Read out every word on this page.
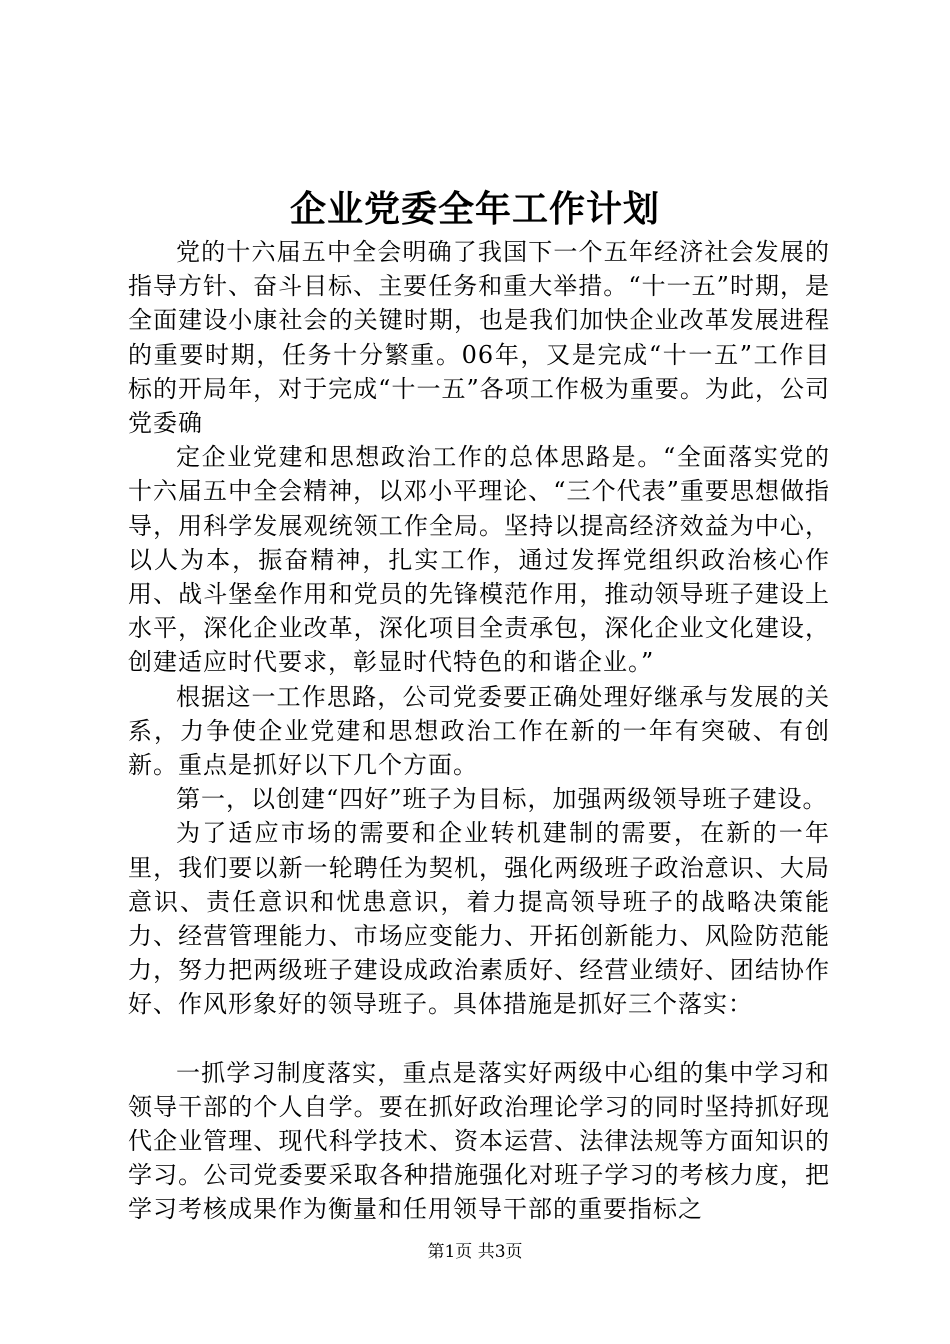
企业党委全年工作计划

党的十六届五中全会明确了我国下一个五年经济社会发展的指导方针、奋斗目标、主要任务和重大举措。“十一五”时期，是全面建设小康社会的关键时期，也是我们加快企业改革发展进程的重要时期，任务十分繁重。06年，又是完成“十一五”工作目标的开局年，对于完成“十一五”各项工作极为重要。为此，公司党委确

定企业党建和思想政治工作的总体思路是。“全面落实党的十六届五中全会精神，以邓小平理论、“三个代表”重要思想做指导，用科学发展观统领工作全局。坚持以提高经济效益为中心，以人为本，振奋精神，扎实工作，通过发挥党组织政治核心作用、战斗堡垒作用和党员的先锋模范作用，推动领导班子建设上水平，深化企业改革，深化项目全责承包，深化企业文化建设，创建适应时代要求，彰显时代特色的和谐企业。”

根据这一工作思路，公司党委要正确处理好继承与发展的关系，力争使企业党建和思想政治工作在新的一年有突破、有创新。重点是抓好以下几个方面。

第一，以创建“四好”班子为目标，加强两级领导班子建设。

为了适应市场的需要和企业转机建制的需要，在新的一年里，我们要以新一轮聘任为契机，强化两级班子政治意识、大局意识、责任意识和忧患意识，着力提高领导班子的战略决策能力、经营管理能力、市场应变能力、开拓创新能力、风险防范能力，努力把两级班子建设成政治素质好、经营业绩好、团结协作好、作风形象好的领导班子。具体措施是抓好三个落实：

一抓学习制度落实，重点是落实好两级中心组的集中学习和领导干部的个人自学。要在抓好政治理论学习的同时坚持抓好现代企业管理、现代科学技术、资本运营、法律法规等方面知识的学习。公司党委要采取各种措施强化对班子学习的考核力度，把学习考核成果作为衡量和任用领导干部的重要指标之

第1页 共3页
